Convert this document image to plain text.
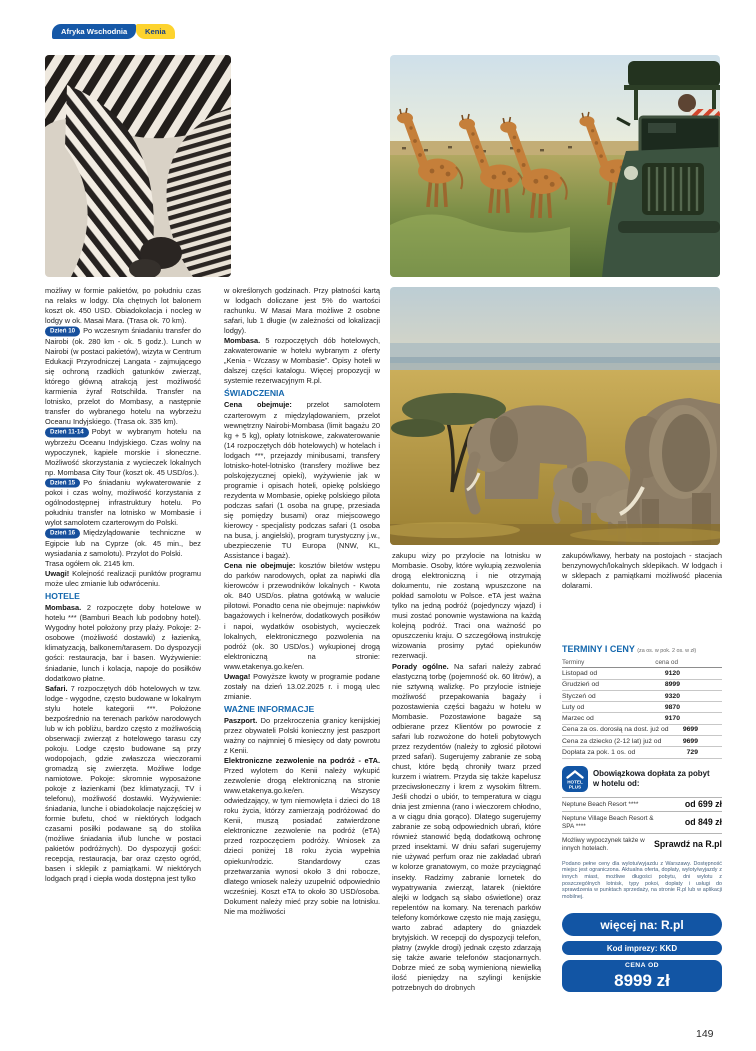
Afryka Wschodnia	Kenia

możliwy w formie pakietów, po południu czas na relaks w lodgy. Dla chętnych lot balonem koszt ok. 450 USD. Obiadokolacja i nocleg w lodgy w ok. Masai Mara. (Trasa ok. 70 km).

Dzień 10 Po wczesnym śniadaniu transfer do Nairobi (ok. 280 km - ok. 5 godz.). Lunch w Nairobi (w postaci pakietów), wizyta w Centrum Edukacji Przyrodniczej Langata - zajmującego się ochroną rzadkich gatunków zwierząt, którego główną atrakcją jest możliwość karmienia żyraf Rotschilda. Transfer na lotnisko, przelot do Mombasy, a następnie transfer do wybranego hotelu na wybrzeżu Oceanu Indyjskiego. (Trasa ok. 335 km).

Dzień 11-14 Pobyt w wybranym hotelu na wybrzeżu Oceanu Indyjskiego. Czas wolny na wypoczynek, kąpiele morskie i słoneczne. Możliwość skorzystania z wycieczek lokalnych np. Mombasa City Tour (koszt ok. 45 USD/os.).

Dzień 15 Po śniadaniu wykwaterowanie z pokoi i czas wolny, możliwość korzystania z ogólnodostępnej infrastruktury hotelu. Po południu transfer na lotnisko w Mombasie i wylot samolotem czarterowym do Polski.

Dzień 16 Międzylądowanie techniczne w Egipcie lub na Cyprze (ok. 45 min., bez wysiadania z samolotu). Przylot do Polski.

Trasa ogółem ok. 2145 km.

Uwagi! Kolejność realizacji punktów programu może ulec zmianie lub odwróceniu.

HOTELE

Mombasa. 2 rozpoczęte doby hotelowe w hotelu *** (Bamburi Beach lub podobny hotel). Wygodny hotel położony przy plaży. Pokoje: 2-osobowe (możliwość dostawki) z łazienką, klimatyzacją, balkonem/tarasem. Do dyspozycji gości: restauracja, bar i basen. Wyżywienie: śniadanie, lunch i kolacja, napoje do posiłków dodatkowo płatne.

Safari. 7 rozpoczętych dób hotelowych w tzw. lodge - wygodne, często budowane w lokalnym stylu hotele kategorii ***. Położone bezpośrednio na terenach parków narodowych lub w ich pobliżu, bardzo często z możliwością obserwacji zwierząt z hotelowego tarasu czy pokoju. Lodge często budowane są przy wodopojach, gdzie zwłaszcza wieczorami gromadzą się zwierzęta. Możliwe lodge namiotowe. Pokoje: skromnie wyposażone pokoje z łazienkami (bez klimatyzacji, TV i telefonu), możliwość dostawki. Wyżywienie: śniadania, lunche i obiadokolacje najczęściej w formie bufetu, choć w niektórych lodgach czasami posiłki podawane są do stolika (możliwe śniadania i/lub lunche w postaci pakietów podróżnych). Do dyspozycji gości: recepcja, restauracja, bar oraz często ogród, basen i sklepik z pamiątkami. W niektórych lodgach prąd i ciepła woda dostępna jest tylko

w określonych godzinach. Przy płatności kartą w lodgach doliczane jest 5% do wartości rachunku. W Masai Mara możliwe 2 osobne safari, lub 1 długie (w zależności od lokalizacji lodgy).

Mombasa. 5 rozpoczętych dób hotelowych, zakwaterowanie w hotelu wybranym z oferty „Kenia - Wczasy w Mombasie”. Opisy hoteli w dalszej części katalogu. Więcej propozycji w systemie rezerwacyjnym R.pl.

ŚWIADCZENIA

Cena obejmuje: przelot samolotem czarterowym z międzylądowaniem, przelot wewnętrzny Nairobi-Mombasa (limit bagażu 20 kg + 5 kg), opłaty lotniskowe, zakwaterowanie (14 rozpoczętych dób hotelowych) w hotelach i lodgach ***, przejazdy minibusami, transfery lotnisko-hotel-lotnisko (transfery możliwe bez polskojęzycznej opieki), wyżywienie jak w programie i opisach hoteli, opiekę polskiego rezydenta w Mombasie, opiekę polskiego pilota podczas safari (1 osoba na grupę, przesiada się pomiędzy busami) oraz miejscowego kierowcy - specjalisty podczas safari (1 osoba na busa, j. angielski), program turystyczny j.w., ubezpieczenie TU Europa (NNW, KL, Assistance i bagaż).

Cena nie obejmuje: kosztów biletów wstępu do parków narodowych, opłat za napiwki dla kierowców i przewodników lokalnych - Kwota ok. 840 USD/os. płatna gotówką w walucie pilotowi. Ponadto cena nie obejmuje: napiwków bagażowych i kelnerów, dodatkowych posiłków i napoi, wydatków osobistych, wycieczek lokalnych, elektronicznego pozwolenia na podróż (ok. 30 USD/os.) wykupionej drogą elektroniczną na stronie: www.etakenya.go.ke/en.

Uwaga! Powyższe kwoty w programie podane zostały na dzień 13.02.2025 r. i mogą ulec zmianie.

WAŻNE INFORMACJE

Paszport. Do przekroczenia granicy kenijskiej przez obywateli Polski konieczny jest paszport ważny co najmniej 6 miesięcy od daty powrotu z Kenii.

Elektroniczne zezwolenie na podróż - eTA. Przed wylotem do Kenii należy wykupić zezwolenie drogą elektroniczną na stronie www.etakenya.go.ke/en. Wszyscy odwiedzający, w tym niemowlęta i dzieci do 18 roku życia, którzy zamierzają podróżować do Kenii, muszą posiadać zatwierdzone elektroniczne zezwolenie na podróż (eTA) przed rozpoczęciem podróży. Wniosek za dzieci poniżej 18 roku życia wypełnia opiekun/rodzic. Standardowy czas przetwarzania wynosi około 3 dni robocze, dlatego wniosek należy uzupełnić odpowiednio wcześniej. Koszt eTA to około 30 USD/osoba. Dokument należy mieć przy sobie na lotnisku. Nie ma możliwości

zakupu wizy po przylocie na lotnisku w Mombasie. Osoby, które wykupią zezwolenia drogą elektroniczną i nie otrzymają dokumentu, nie zostaną wpuszczone na pokład samolotu w Polsce. eTA jest ważna tylko na jedną podróż (pojedynczy wjazd) i musi zostać ponownie wystawiona na każdą kolejną podróż. Traci ona ważność po opuszczeniu kraju. O szczegółową instrukcję wizowania prosimy pytać opiekunów rezerwacji.

Porady ogólne. Na safari należy zabrać elastyczną torbę (pojemność ok. 60 litrów), a nie sztywną walizkę. Po przylocie istnieje możliwość przepakowania bagaży i pozostawienia części bagażu w hotelu w Mombasie. Pozostawione bagaże są odbierane przez Klientów po powrocie z safari lub rozwożone do hoteli pobytowych przez rezydentów (należy to zgłosić pilotowi przed safari). Sugerujemy zabranie ze sobą chust, które będą chroniły twarz przed kurzem i wiatrem. Przyda się także kapelusz przeciwsłoneczny i krem z wysokim filtrem. Jeśli chodzi o ubiór, to temperatura w ciągu dnia jest zmienna (rano i wieczorem chłodno, a w ciągu dnia gorąco). Dlatego sugerujemy zabranie ze sobą odpowiednich ubrań, które również stanowić będą dodatkową ochronę przed insektami. W dniu safari sugerujemy nie używać perfum oraz nie zakładać ubrań w kolorze granatowym, co może przyciągnąć insekty. Radzimy zabranie lornetek do wypatrywania zwierząt, latarek (niektóre alejki w lodgach są słabo oświetlone) oraz repelentów na komary. Na terenach parków telefony komórkowe często nie mają zasięgu, warto zabrać adaptery do gniazdek brytyjskich. W recepcji do dyspozycji telefon, płatny (zwykle drogi) jednak często zdarzają się także awarie telefonów stacjonarnych. Dobrze mieć ze sobą wymienioną niewielką ilość pieniędzy na szylingi kenijskie potrzebnych do drobnych

zakupów/kawy, herbaty na postojach - stacjach benzynowych/lokalnych sklepikach. W lodgach i w sklepach z pamiątkami możliwość płacenia dolarami.

TERMINY I CENY (za os. w pok. 2 os. w zł)
Terminy	cena od
Listopad od	9120
Grudzień od	8999
Styczeń od	9320
Luty od	9870
Marzec od	9170
Cena za os. dorosłą na dost. już od 9699
Cena za dziecko (2-12 lat) już od	9699
Dopłata za pok. 1 os. od	729
HOTEL
PLUS
Obowiązkowa dopłata za pobyt w hotelu od:
Neptune Beach Resort ****	od 699 zł
Neptune Village Beach Resort & SPA ****	od 849 zł
Możliwy wypoczynek także w innych hotelach.	Sprawdź na R.pl
Podano pełne ceny dla wylotu/wyjazdu z Warszawy. Dostępność miejsc jest ograniczona. Aktualna oferta, dopłaty, wyloty/wyjazdy z innych miast, możliwe długości pobytu, dni wylotu z poszczególnych lotnisk, typy pokoi, dopłaty i usługi do sprawdzenia w punktach sprzedaży, na stronie R.pl lub w aplikacji mobilnej.
więcej na: R.pl
Kod imprezy: KKD
CENA OD
8999 zł
149
